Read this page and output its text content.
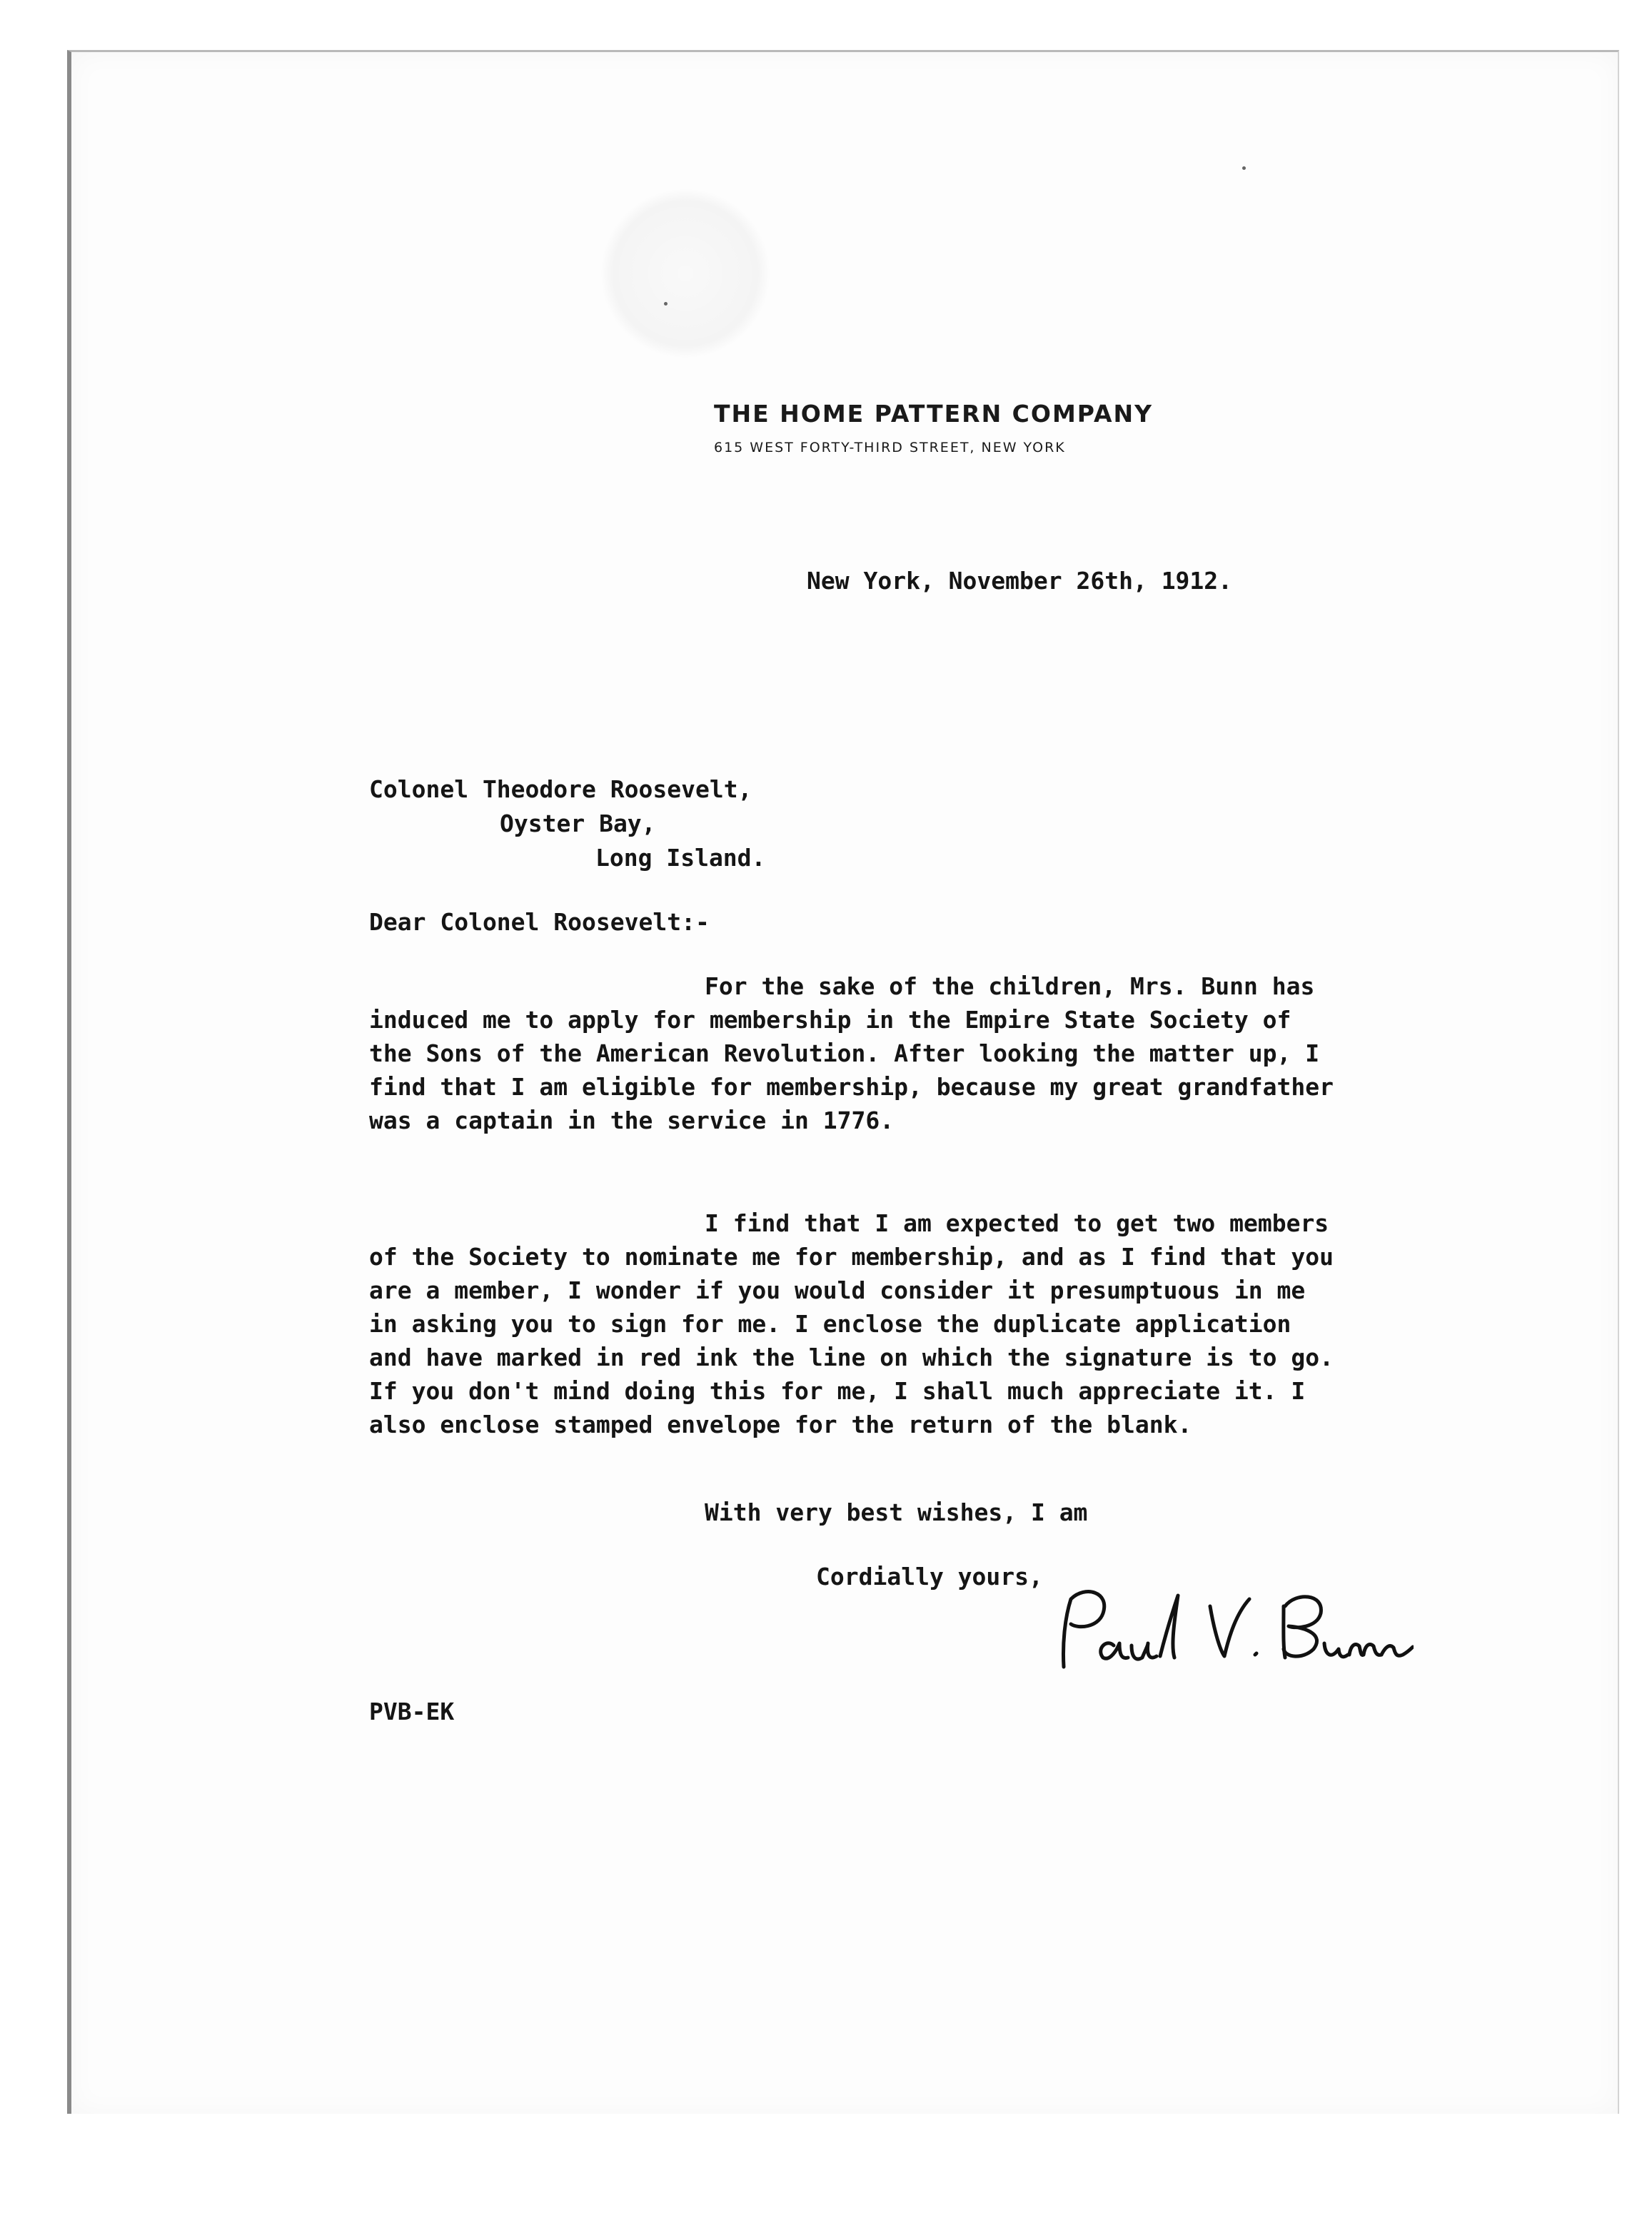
THE HOME PATTERN COMPANY
615 WEST FORTY-THIRD STREET, NEW YORK
New York, November 26th, 1912.
Colonel Theodore Roosevelt,
Oyster Bay,
Long Island.
Dear Colonel Roosevelt:-
For the sake of the children, Mrs. Bunn has induced me to apply for membership in the Empire State Society of the Sons of the American Revolution. After looking the matter up, I find that I am eligible for membership, because my great grandfather was a captain in the service in 1776.
I find that I am expected to get two members of the Society to nominate me for membership, and as I find that you are a member, I wonder if you would consider it presumptuous in me in asking you to sign for me. I enclose the duplicate application and have marked in red ink the line on which the signature is to go. If you don't mind doing this for me, I shall much appreciate it. I also enclose stamped envelope for the return of the blank.
With very best wishes, I am
Cordially yours,
PVB-EK
